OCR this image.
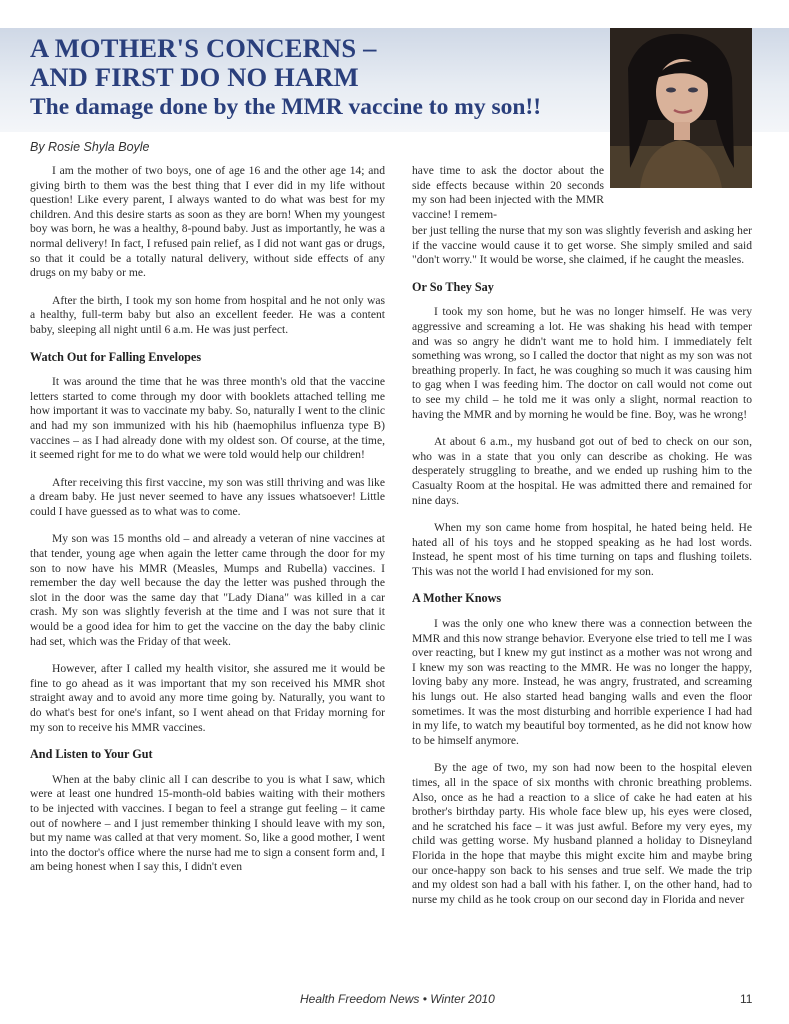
A MOTHER'S CONCERNS –
AND FIRST DO NO HARM
The damage done by the MMR vaccine to my son!!
By Rosie Shyla Boyle

I am the mother of two boys, one of age 16 and the other age 14; and giving birth to them was the best thing that I ever did in my life without question! Like every parent, I always wanted to do what was best for my children. And this desire starts as soon as they are born! When my youngest boy was born, he was a healthy, 8-pound baby. Just as importantly, he was a normal delivery! In fact, I refused pain relief, as I did not want gas or drugs, so that it could be a totally natural delivery, without side effects of any drugs on my baby or me.

After the birth, I took my son home from hospital and he not only was a healthy, full-term baby but also an excellent feeder. He was a content baby, sleeping all night until 6 a.m. He was just perfect.

Watch Out for Falling Envelopes

It was around the time that he was three month's old that the vaccine letters started to come through my door with booklets attached telling me how important it was to vaccinate my baby. So, naturally I went to the clinic and had my son immunized with his hib (haemophilus influenza type B) vaccines – as I had already done with my oldest son. Of course, at the time, it seemed right for me to do what we were told would help our children!

After receiving this first vaccine, my son was still thriving and was like a dream baby. He just never seemed to have any issues whatsoever! Little could I have guessed as to what was to come.

My son was 15 months old – and already a veteran of nine vaccines at that tender, young age when again the letter came through the door for my son to now have his MMR (Measles, Mumps and Rubella) vaccines. I remember the day well because the day the letter was pushed through the slot in the door was the same day that "Lady Diana" was killed in a car crash. My son was slightly feverish at the time and I was not sure that it would be a good idea for him to get the vaccine on the day the baby clinic had set, which was the Friday of that week.

However, after I called my health visitor, she assured me it would be fine to go ahead as it was important that my son received his MMR shot straight away and to avoid any more time going by. Naturally, you want to do what's best for one's infant, so I went ahead on that Friday morning for my son to receive his MMR vaccines.

And Listen to Your Gut

When at the baby clinic all I can describe to you is what I saw, which were at least one hundred 15-month-old babies waiting with their mothers to be injected with vaccines. I began to feel a strange gut feeling – it came out of nowhere – and I just remember thinking I should leave with my son, but my name was called at that very moment. So, like a good mother, I went into the doctor's office where the nurse had me to sign a consent form and, I am being honest when I say this, I didn't even

have time to ask the doctor about the side effects because within 20 seconds my son had been injected with the MMR vaccine! I remem-

ber just telling the nurse that my son was slightly feverish and asking her if the vaccine would cause it to get worse. She simply smiled and said "don't worry." It would be worse, she claimed, if he caught the measles.

Or So They Say

I took my son home, but he was no longer himself. He was very aggressive and screaming a lot. He was shaking his head with temper and was so angry he didn't want me to hold him. I immediately felt something was wrong, so I called the doctor that night as my son was not breathing properly. In fact, he was coughing so much it was causing him to gag when I was feeding him. The doctor on call would not come out to see my child – he told me it was only a slight, normal reaction to having the MMR and by morning he would be fine. Boy, was he wrong!

At about 6 a.m., my husband got out of bed to check on our son, who was in a state that you only can describe as choking. He was desperately struggling to breathe, and we ended up rushing him to the Casualty Room at the hospital. He was admitted there and remained for nine days.

When my son came home from hospital, he hated being held. He hated all of his toys and he stopped speaking as he had lost words. Instead, he spent most of his time turning on taps and flushing toilets. This was not the world I had envisioned for my son.

A Mother Knows

I was the only one who knew there was a connection between the MMR and this now strange behavior. Everyone else tried to tell me I was over reacting, but I knew my gut instinct as a mother was not wrong and I knew my son was reacting to the MMR. He was no longer the happy, loving baby any more. Instead, he was angry, frustrated, and screaming his lungs out. He also started head banging walls and even the floor sometimes. It was the most disturbing and horrible experience I had had in my life, to watch my beautiful boy tormented, as he did not know how to be himself anymore.

By the age of two, my son had now been to the hospital eleven times, all in the space of six months with chronic breathing problems. Also, once as he had a reaction to a slice of cake he had eaten at his brother's birthday party. His whole face blew up, his eyes were closed, and he scratched his face – it was just awful. Before my very eyes, my child was getting worse. My husband planned a holiday to Disneyland Florida in the hope that maybe this might excite him and maybe bring our once-happy son back to his senses and true self. We made the trip and my oldest son had a ball with his father. I, on the other hand, had to nurse my child as he took croup on our second day in Florida and never

Health Freedom News • Winter 2010	11
